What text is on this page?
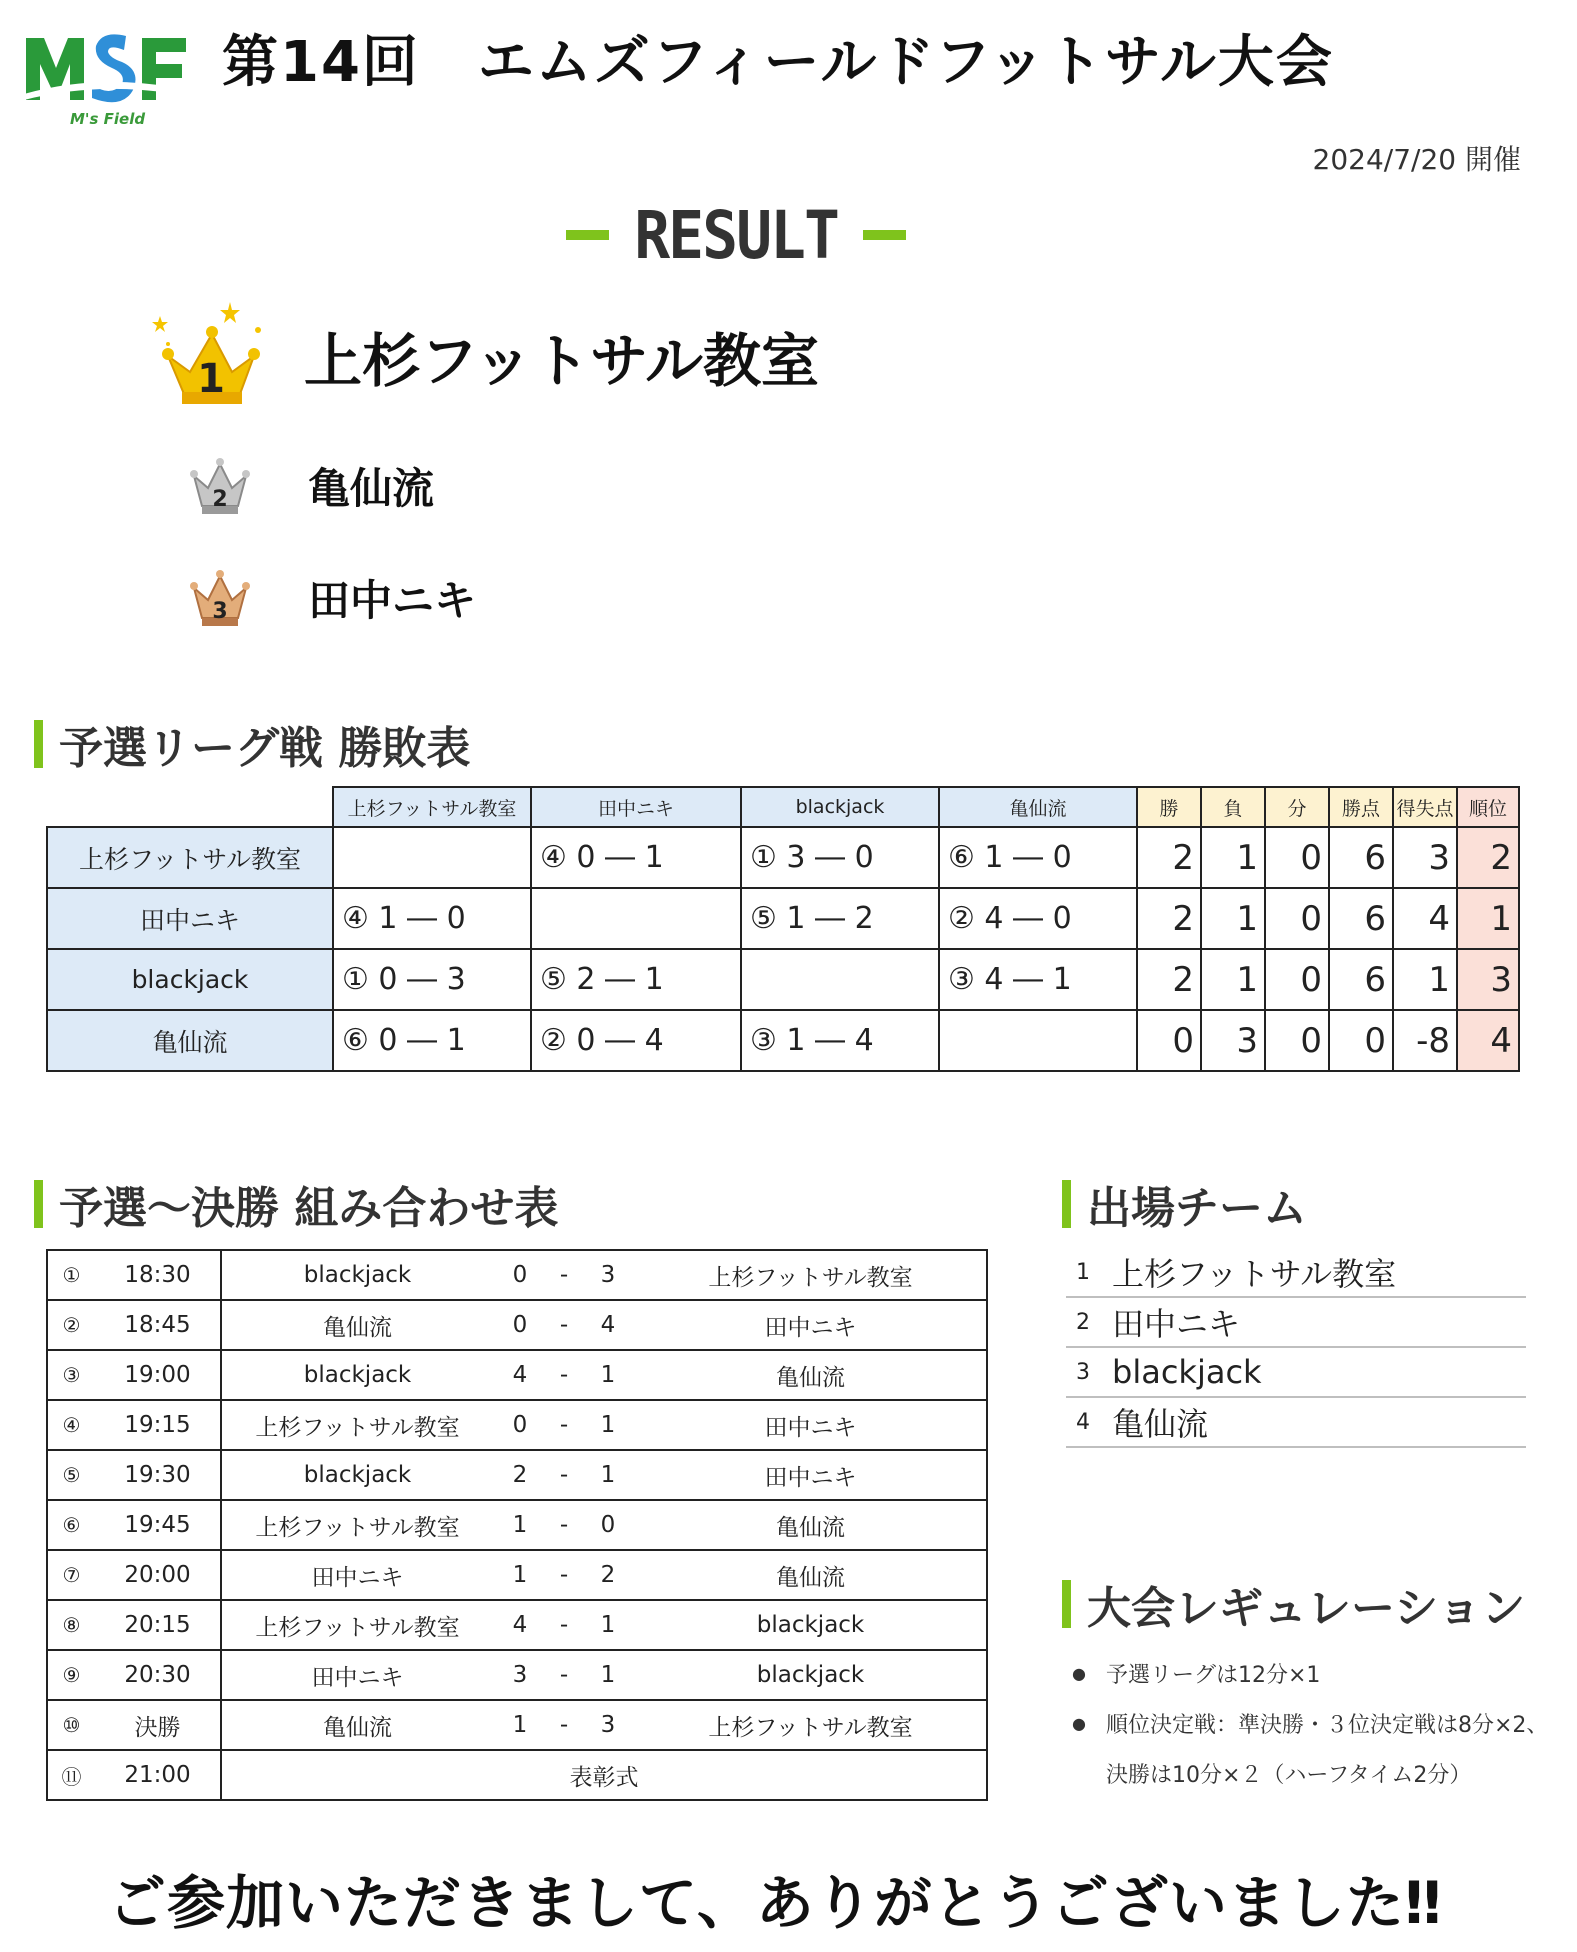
M's Field
第14回　エムズフィールドフットサル大会
2024/7/20 開催
RESULT
1 上杉フットサル教室
2 亀仙流
3 田中ニキ
予選リーグ戦 勝敗表
	上杉フットサル教室	田中ニキ	blackjack	亀仙流	勝	負	分	勝点	得失点	順位
上杉フットサル教室		④ 0 ― 1	① 3 ― 0	⑥ 1 ― 0	2	1	0	6	3	2
田中ニキ	④ 1 ― 0		⑤ 1 ― 2	② 4 ― 0	2	1	0	6	4	1
blackjack	① 0 ― 3	⑤ 2 ― 1		③ 4 ― 1	2	1	0	6	1	3
亀仙流	⑥ 0 ― 1	② 0 ― 4	③ 1 ― 4		0	3	0	0	-8	4
予選〜決勝 組み合わせ表
①	18:30	blackjack	0	-	3	上杉フットサル教室
②	18:45	亀仙流	0	-	4	田中ニキ
③	19:00	blackjack	4	-	1	亀仙流
④	19:15	上杉フットサル教室	0	-	1	田中ニキ
⑤	19:30	blackjack	2	-	1	田中ニキ
⑥	19:45	上杉フットサル教室	1	-	0	亀仙流
⑦	20:00	田中ニキ	1	-	2	亀仙流
⑧	20:15	上杉フットサル教室	4	-	1	blackjack
⑨	20:30	田中ニキ	3	-	1	blackjack
⑩	決勝	亀仙流	1	-	3	上杉フットサル教室
⑪	21:00	表彰式				
出場チーム
1 上杉フットサル教室
2 田中ニキ
3 blackjack
4 亀仙流
大会レギュレーション
● 予選リーグは12分×1
● 順位決定戦：準決勝・３位決定戦は8分×2、
決勝は10分×２（ハーフタイム2分）
ご参加いただきまして、ありがとうございました‼
